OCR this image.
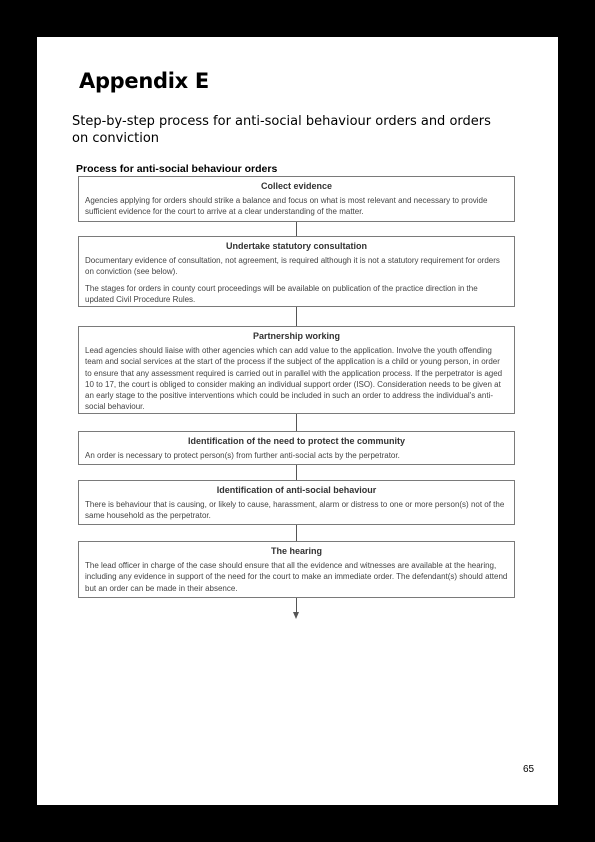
Appendix E

Step-by-step process for anti-social behaviour orders and orders on conviction

Process for anti-social behaviour orders
Collect evidence

Agencies applying for orders should strike a balance and focus on what is most relevant and necessary to provide sufficient evidence for the court to arrive at a clear understanding of the matter.

Undertake statutory consultation

Documentary evidence of consultation, not agreement, is required although it is not a statutory requirement for orders on conviction (see below).

The stages for orders in county court proceedings will be available on publication of the practice direction in the updated Civil Procedure Rules.

Partnership working

Lead agencies should liaise with other agencies which can add value to the application. Involve the youth offending team and social services at the start of the process if the subject of the application is a child or young person, in order to ensure that any assessment required is carried out in parallel with the application process. If the perpetrator is aged 10 to 17, the court is obliged to consider making an individual support order (ISO). Consideration needs to be given at an early stage to the positive interventions which could be included in such an order to address the individual's anti-social behaviour.

Identification of the need to protect the community

An order is necessary to protect person(s) from further anti-social acts by the perpetrator.

Identification of anti-social behaviour

There is behaviour that is causing, or likely to cause, harassment, alarm or distress to one or more person(s) not of the same household as the perpetrator.

The hearing

The lead officer in charge of the case should ensure that all the evidence and witnesses are available at the hearing, including any evidence in support of the need for the court to make an immediate order. The defendant(s) should attend but an order can be made in their absence.

65
